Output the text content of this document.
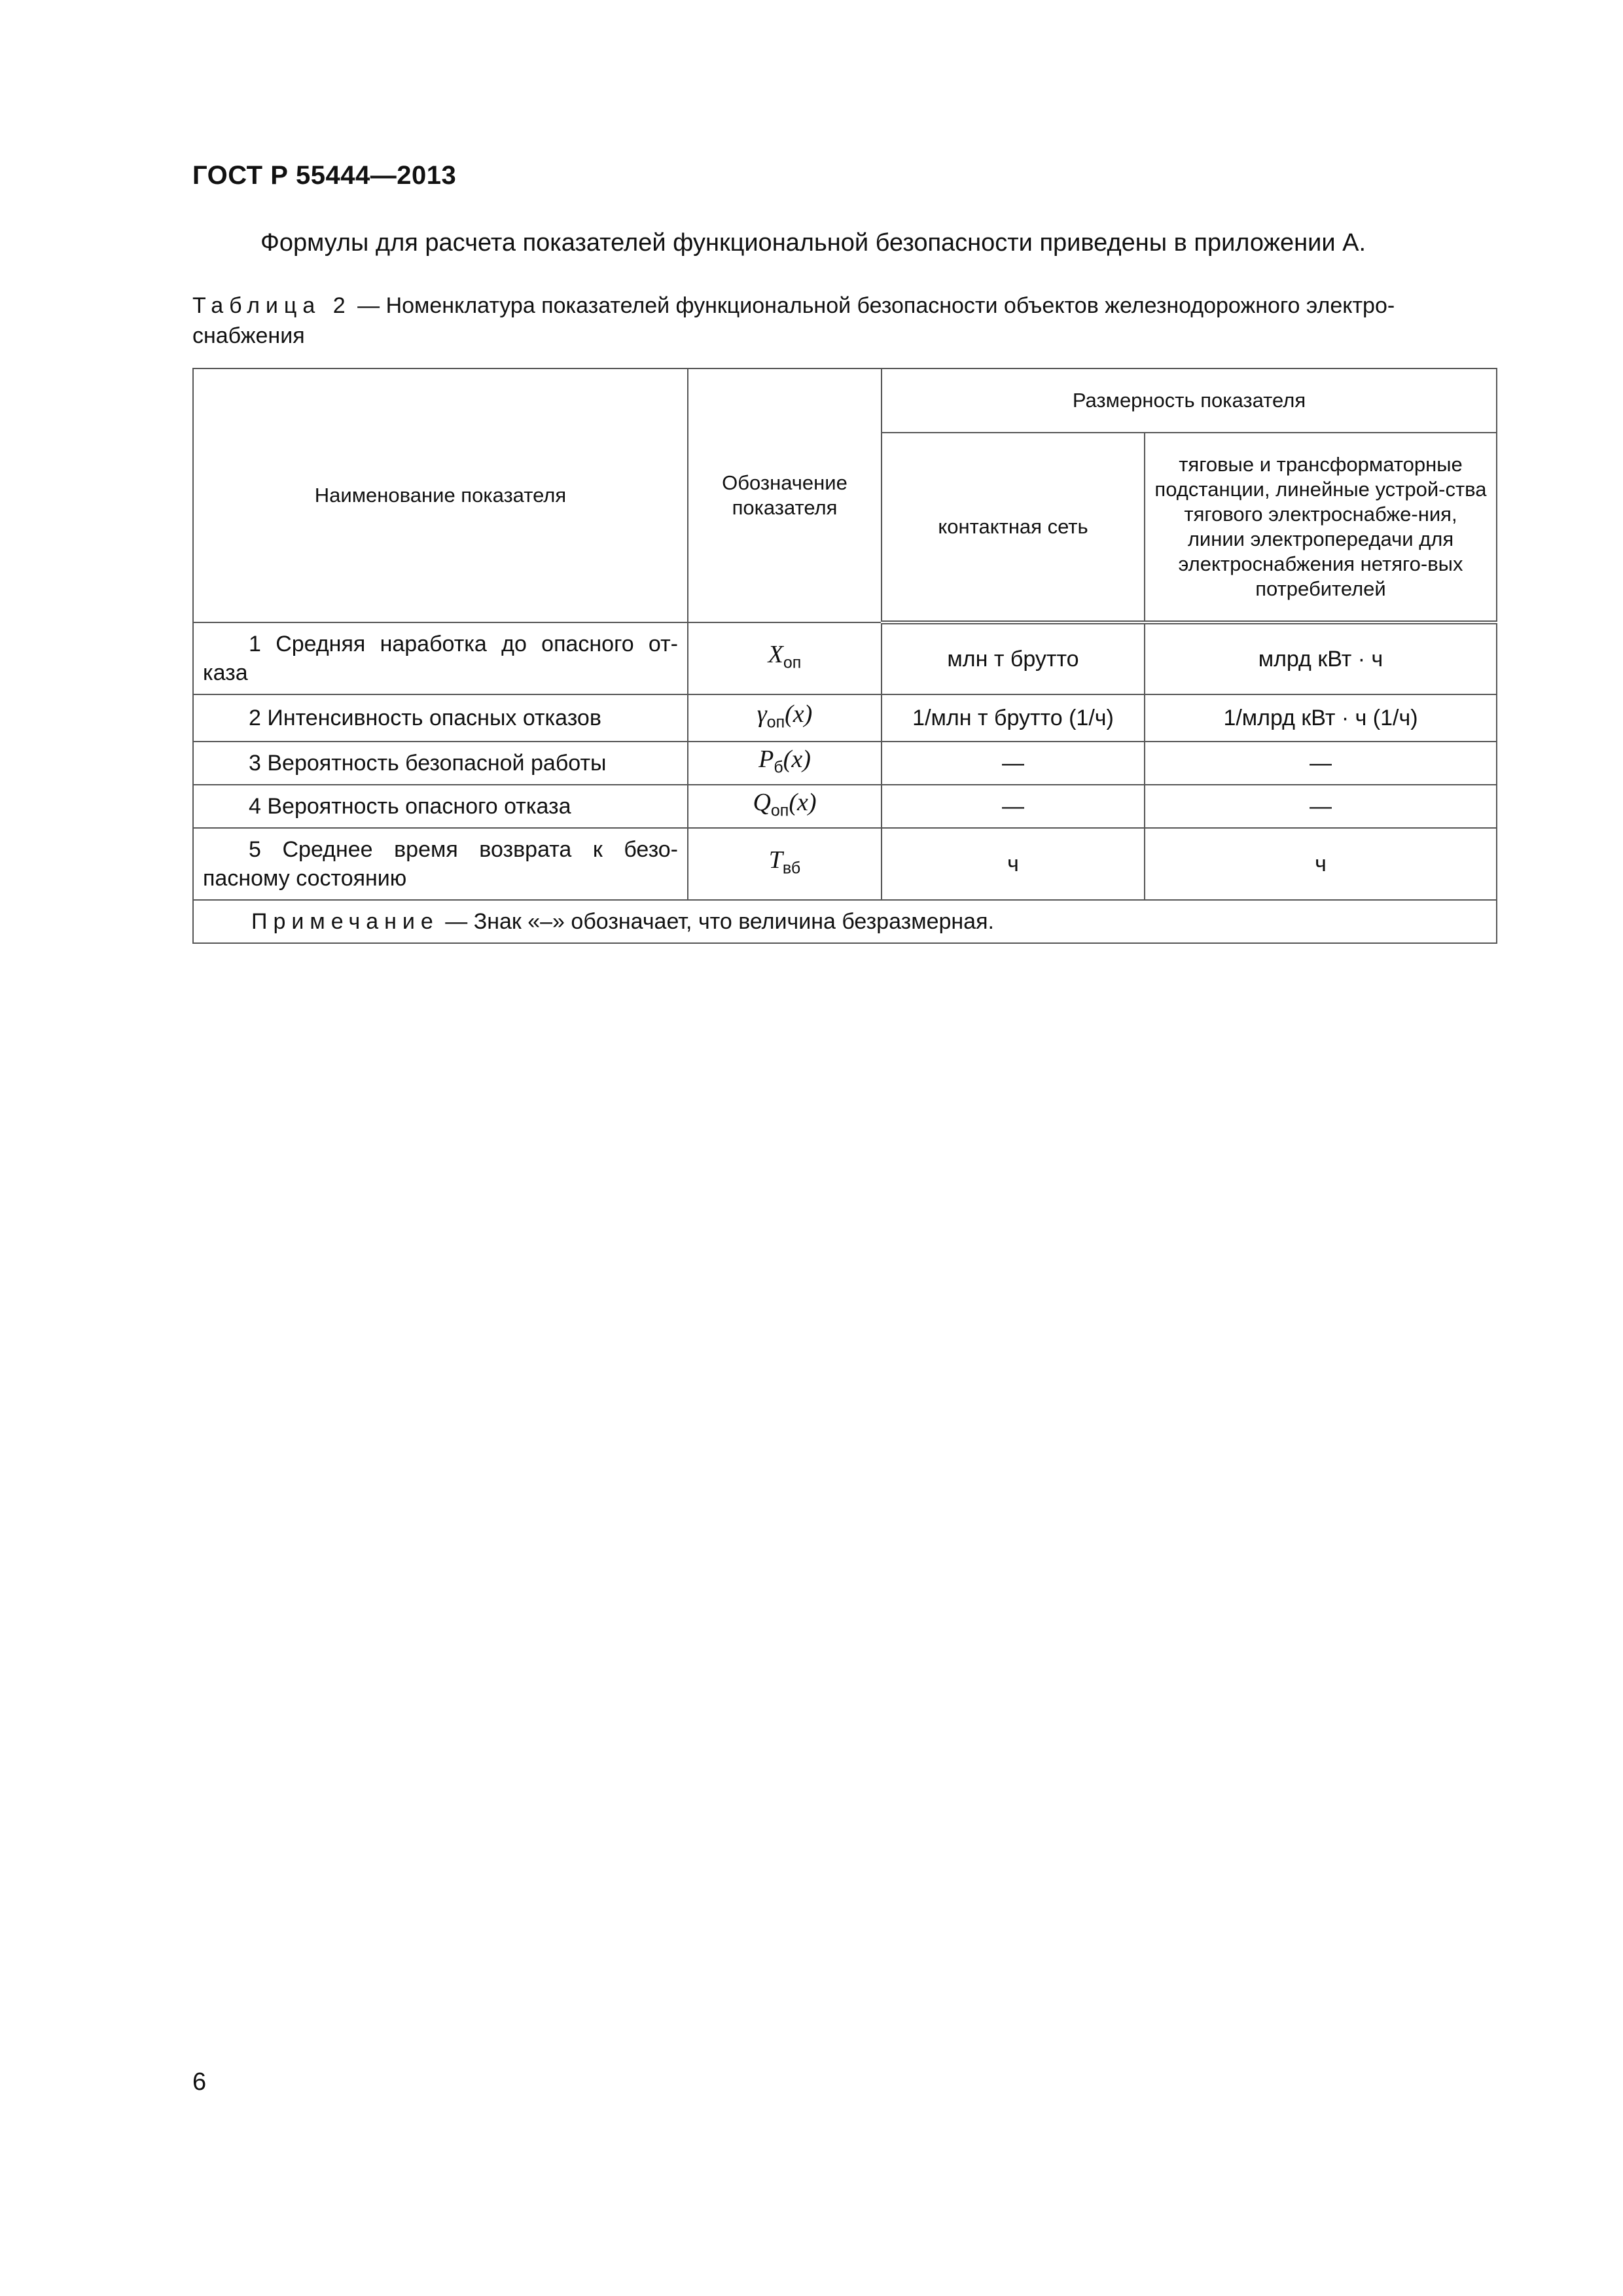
ГОСТ Р 55444—2013
Формулы для расчета показателей функциональной безопасности приведены в приложении А.
Таблица 2 — Номенклатура показателей функциональной безопасности объектов железнодорожного электро-снабжения
Наименование показателя	Обозначение показателя	Размерность показателя	
		контактная сеть	тяговые и трансформаторные подстанции, линейные устрой-ства тягового электроснабже-ния, линии электропередачи для электроснабжения нетяго-вых потребителей
1 Средняя наработка до опасного от-каза	$X_{оп}$	млн т брутто	млрд кВт · ч
2 Интенсивность опасных отказов	$\gamma_{оп}(x)$	1/млн т брутто (1/ч)	1/млрд кВт · ч (1/ч)
3 Вероятность безопасной работы	$P_б(x)$	—	—
4 Вероятность опасного отказа	$Q_{оп}(x)$	—	—
5 Среднее время возврата к безо-пасному состоянию	$T_{вб}$	ч	ч
Примечание — Знак «–» обозначает, что величина безразмерная.			
6
